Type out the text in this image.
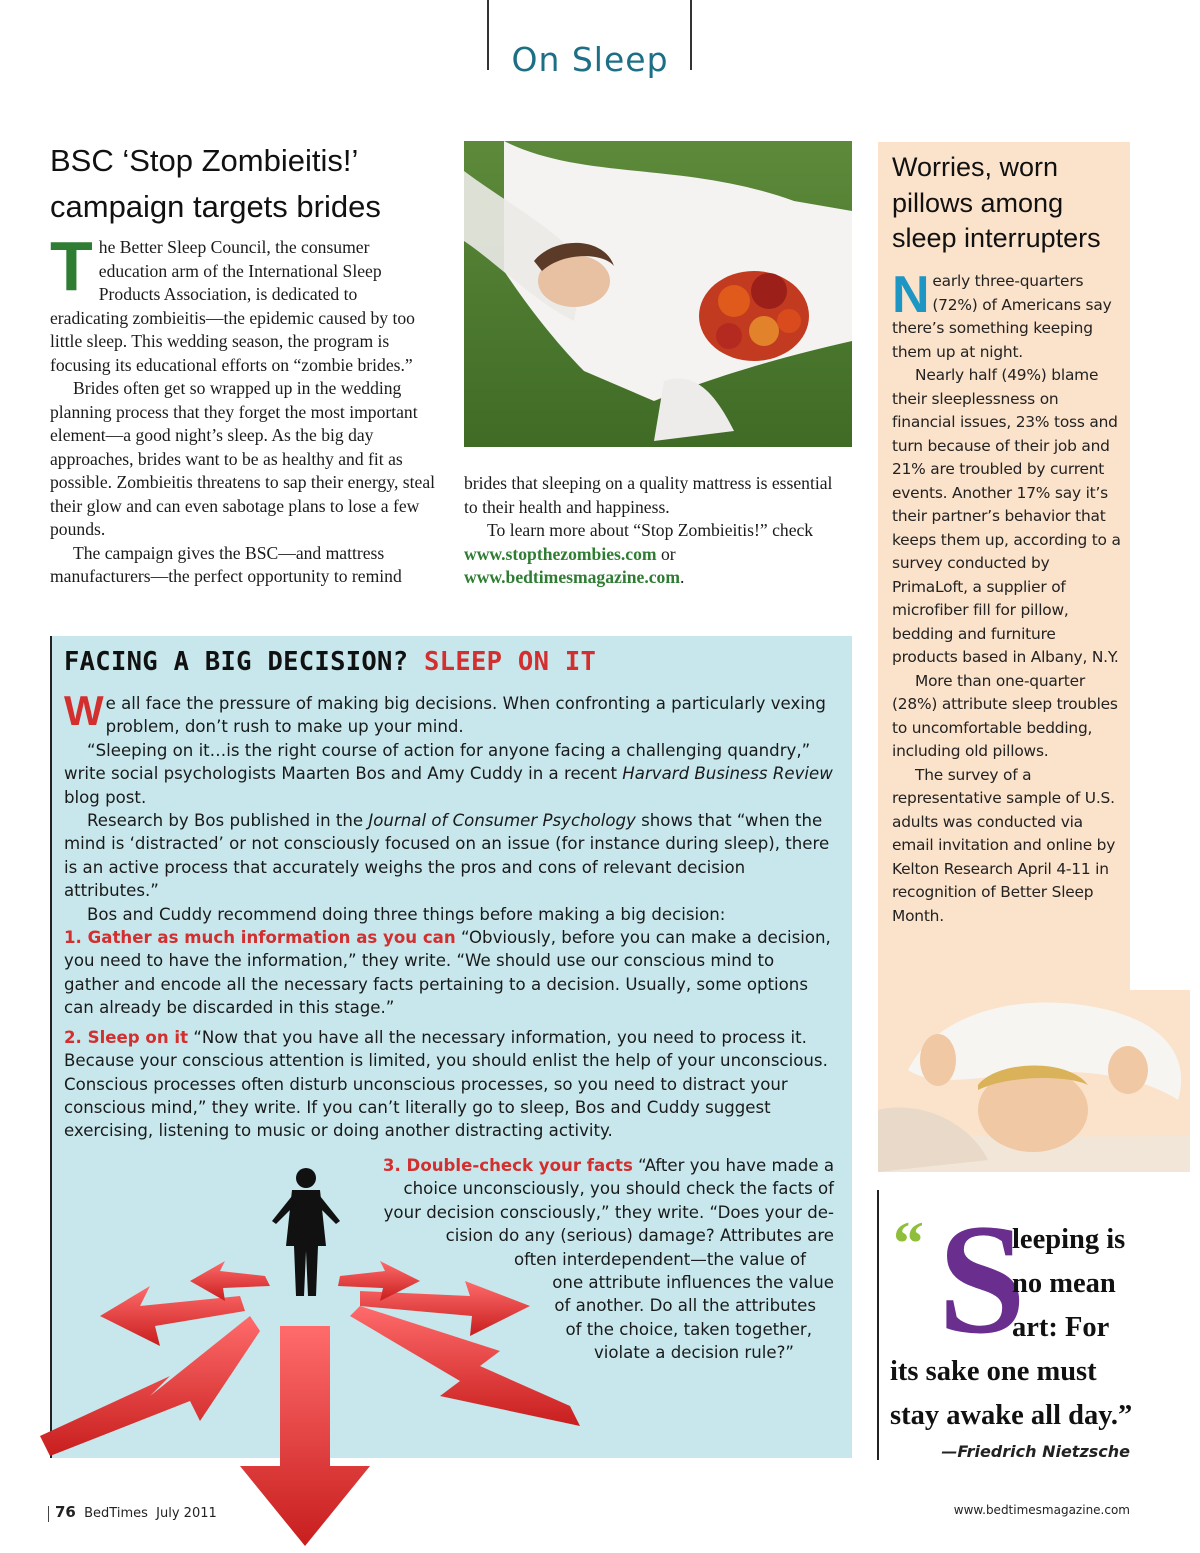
On Sleep
BSC ‘Stop Zombieitis!’
campaign targets brides

The Better Sleep Council, the consumer education arm of the International Sleep Products Association, is dedicated to eradicating zombieitis—the epidemic caused by too little sleep. This wedding season, the program is focusing its educational efforts on “zombie brides.”

Brides often get so wrapped up in the wedding planning process that they forget the most important element—a good night’s sleep. As the big day approaches, brides want to be as healthy and fit as possible. Zombieitis threatens to sap their energy, steal their glow and can even sabotage plans to lose a few pounds.

The campaign gives the BSC—and mattress manufacturers—the perfect opportunity to remind

brides that sleeping on a quality mattress is essential to their health and happiness.

To learn more about “Stop Zombieitis!” check www.stopthezombies.com or www.bedtimesmagazine.com.

Worries, worn pillows among sleep interrupters

Nearly three-quarters (72%) of Americans say there’s something keeping them up at night.

Nearly half (49%) blame their sleeplessness on financial issues, 23% toss and turn because of their job and 21% are troubled by current events. Another 17% say it’s their partner’s behavior that keeps them up, according to a survey conducted by PrimaLoft, a supplier of microfiber fill for pillow, bedding and furniture products based in Albany, N.Y.

More than one-quarter (28%) attribute sleep troubles to uncomfortable bedding, including old pillows.

The survey of a representative sample of U.S. adults was conducted via email invitation and online by Kelton Research April 4-11 in recognition of Better Sleep Month.

“ S
leeping is
no mean
art: For
its sake one must
stay awake all day.”
—Friedrich Nietzsche
FACING A BIG DECISION? SLEEP ON IT

We all face the pressure of making big decisions. When confronting a particularly vexing problem, don’t rush to make up your mind.

“Sleeping on it…is the right course of action for anyone facing a challenging quandry,” write social psychologists Maarten Bos and Amy Cuddy in a recent Harvard Business Review blog post.

Research by Bos published in the Journal of Consumer Psychology shows that “when the mind is ‘distracted’ or not consciously focused on an issue (for instance during sleep), there is an active process that accurately weighs the pros and cons of relevant decision attributes.”

Bos and Cuddy recommend doing three things before making a big decision:

1. Gather as much information as you can “Obviously, before you can make a decision, you need to have the information,” they write. “We should use our conscious mind to gather and encode all the necessary facts pertaining to a decision. Usually, some options can already be discarded in this stage.”

2. Sleep on it “Now that you have all the necessary information, you need to process it. Because your conscious attention is limited, you should enlist the help of your unconscious. Conscious processes often disturb unconscious processes, so you need to distract your conscious mind,” they write. If you can’t literally go to sleep, Bos and Cuddy suggest exercising, listening to music or doing another distracting activity.

3. Double-check your facts “After you have made a
choice unconsciously, you should check the facts of
your decision consciously,” they write. “Does your de-
cision do any (serious) damage? Attributes are
often interdependent—the value of
one attribute influences the value
of another. Do all the attributes
of the choice, taken together,
violate a decision rule?”
76 BedTimes July 2011	www.bedtimesmagazine.com
